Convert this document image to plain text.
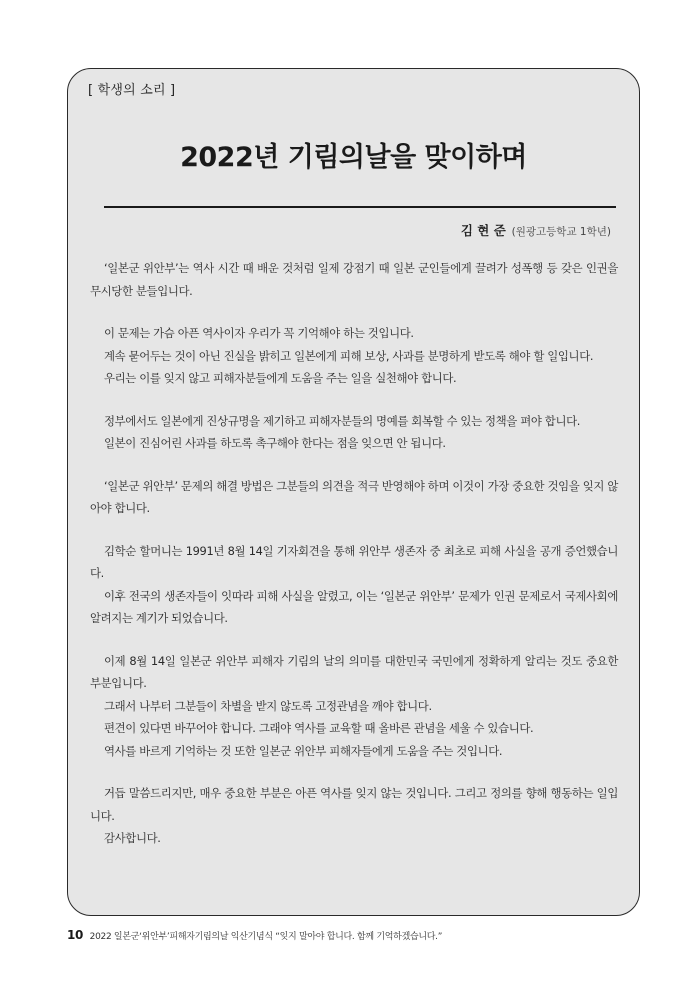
[ 학생의 소리 ]
2022년 기림의날을 맞이하며
김 현 준 (원광고등학교 1학년)

‘일본군 위안부’는 역사 시간 때 배운 것처럼 일제 강점기 때 일본 군인들에게 끌려가 성폭행 등 갖은 인권을 무시당한 분들입니다.

이 문제는 가슴 아픈 역사이자 우리가 꼭 기억해야 하는 것입니다.

계속 묻어두는 것이 아닌 진실을 밝히고 일본에게 피해 보상, 사과를 분명하게 받도록 해야 할 일입니다.

우리는 이를 잊지 않고 피해자분들에게 도움을 주는 일을 실천해야 합니다.

정부에서도 일본에게 진상규명을 제기하고 피해자분들의 명예를 회복할 수 있는 정책을 펴야 합니다.

일본이 진심어린 사과를 하도록 촉구해야 한다는 점을 잊으면 안 됩니다.

‘일본군 위안부’ 문제의 해결 방법은 그분들의 의견을 적극 반영해야 하며 이것이 가장 중요한 것임을 잊지 않아야 합니다.

김학순 할머니는 1991년 8월 14일 기자회견을 통해 위안부 생존자 중 최초로 피해 사실을 공개 증언했습니다.

이후 전국의 생존자들이 잇따라 피해 사실을 알렸고, 이는 ‘일본군 위안부’ 문제가 인권 문제로서 국제사회에 알려지는 계기가 되었습니다.

이제 8월 14일 일본군 위안부 피해자 기림의 날의 의미를 대한민국 국민에게 정확하게 알리는 것도 중요한 부분입니다.

그래서 나부터 그분들이 차별을 받지 않도록 고정관념을 깨야 합니다.

편견이 있다면 바꾸어야 합니다. 그래야 역사를 교육할 때 올바른 관념을 세울 수 있습니다.

역사를 바르게 기억하는 것 또한 일본군 위안부 피해자들에게 도움을 주는 것입니다.

거듭 말씀드리지만, 매우 중요한 부분은 아픈 역사를 잊지 않는 것입니다. 그리고 정의를 향해 행동하는 일입니다.

감사합니다.

10 2022 일본군‘위안부’피해자기림의날 익산기념식 “잊지 말아야 합니다. 함께 기억하겠습니다.”
